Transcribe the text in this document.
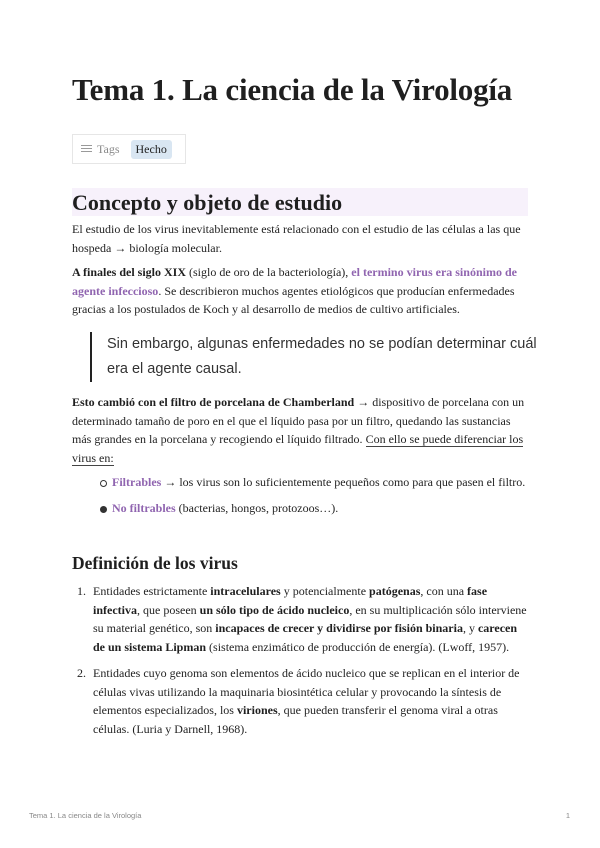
Tema 1. La ciencia de la Virología
Tags	Hecho
Concepto y objeto de estudio

El estudio de los virus inevitablemente está relacionado con el estudio de las células a las que hospeda → biología molecular.

A finales del siglo XIX (siglo de oro de la bacteriología), el termino virus era sinónimo de agente infeccioso. Se describieron muchos agentes etiológicos que producían enfermedades gracias a los postulados de Koch y al desarrollo de medios de cultivo artificiales.

Sin embargo, algunas enfermedades no se podían determinar cuál era el agente causal.

Esto cambió con el filtro de porcelana de Chamberland → dispositivo de porcelana con un determinado tamaño de poro en el que el líquido pasa por un filtro, quedando las sustancias más grandes en la porcelana y recogiendo el líquido filtrado. Con ello se puede diferenciar los virus en:

Filtrables → los virus son lo suficientemente pequeños como para que pasen el filtro.
No filtrables (bacterias, hongos, protozoos…).
Definición de los virus
1. Entidades estrictamente intracelulares y potencialmente patógenas, con una fase infectiva, que poseen un sólo tipo de ácido nucleico, en su multiplicación sólo interviene su material genético, son incapaces de crecer y dividirse por fisión binaria, y carecen de un sistema Lipman (sistema enzimático de producción de energía). (Lwoff, 1957).
2. Entidades cuyo genoma son elementos de ácido nucleico que se replican en el interior de células vivas utilizando la maquinaria biosintética celular y provocando la síntesis de elementos especializados, los viriones, que pueden transferir el genoma viral a otras células. (Luria y Darnell, 1968).
Tema 1. La ciencia de la Virología	1
